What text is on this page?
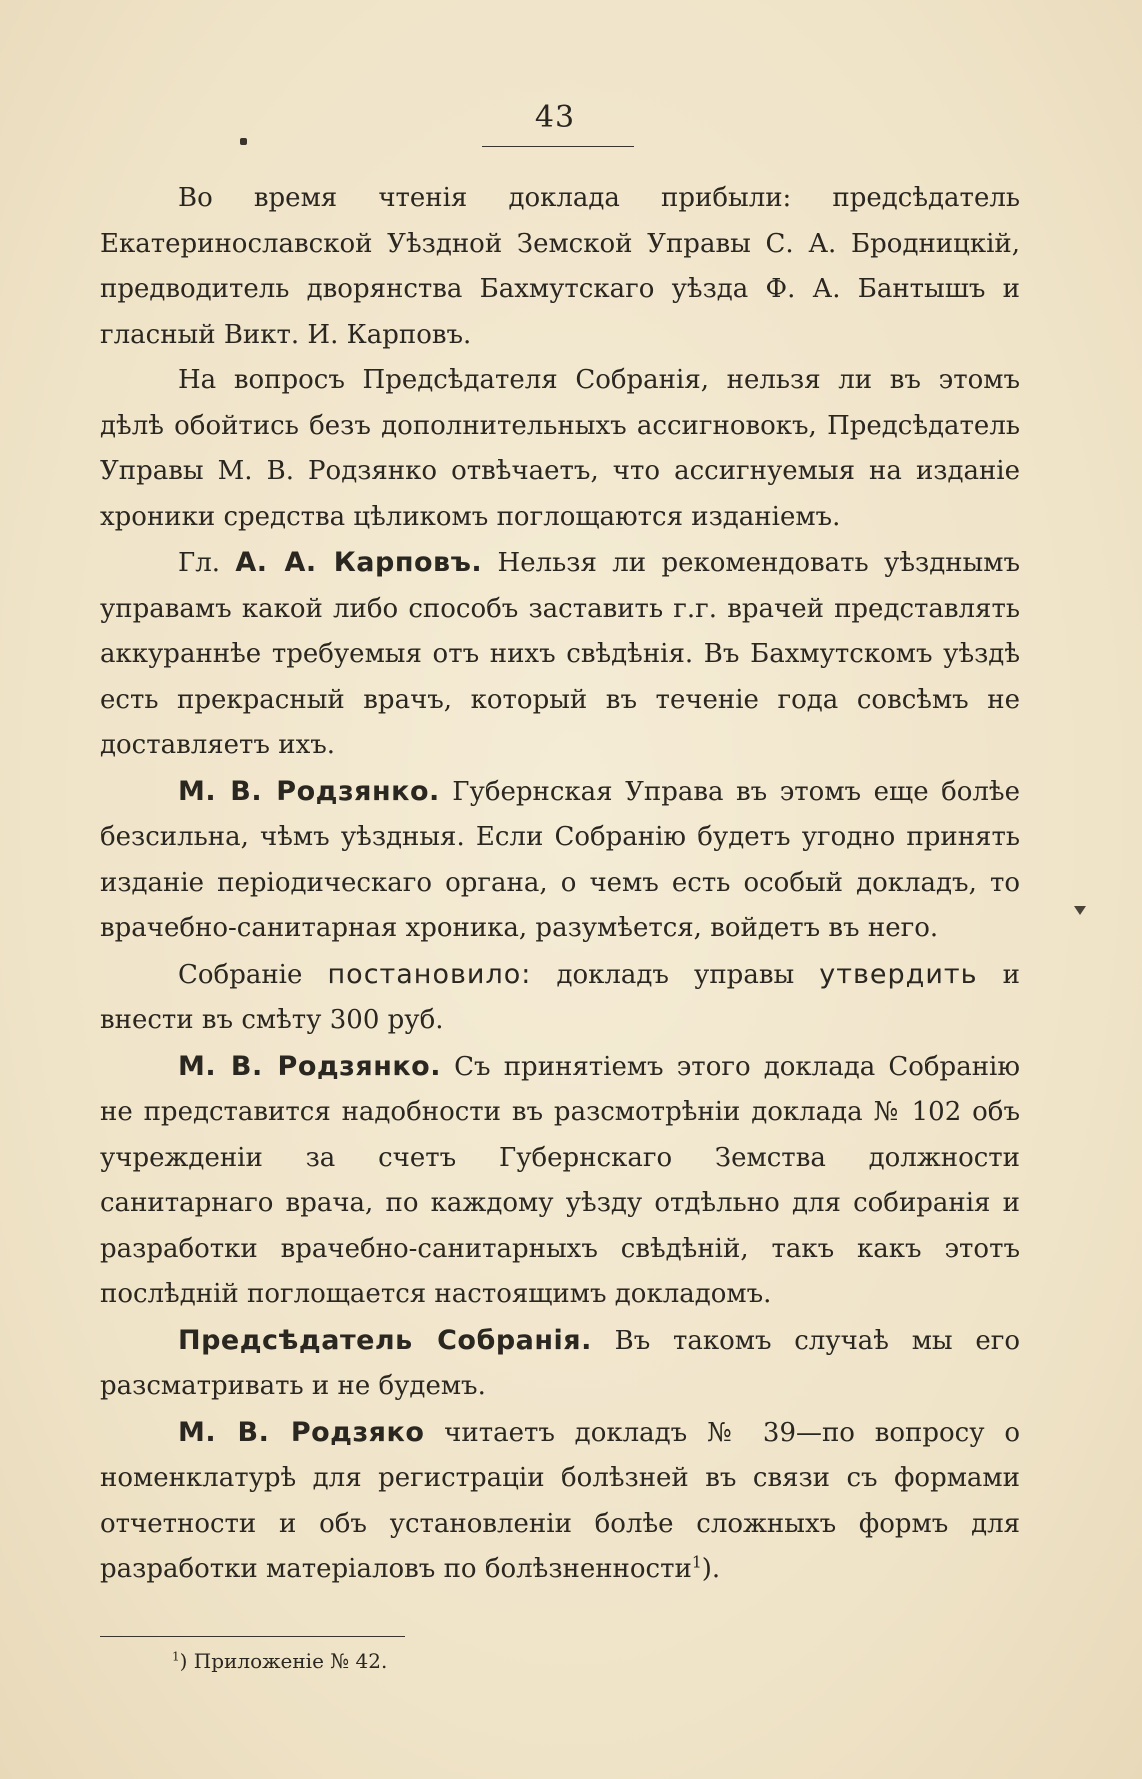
43

Во время чтенія доклада прибыли: предсѣдатель Екатеринославской Уѣздной Земской Управы С. А. Бродницкій, предводитель дворянства Бахмутскаго уѣзда Ф. А. Бантышъ и гласный Викт. И. Карповъ.

На вопросъ Предсѣдателя Собранія, нельзя ли въ этомъ дѣлѣ обойтись безъ дополнительныхъ ассигновокъ, Предсѣдатель Управы М. В. Родзянко отвѣчаетъ, что ассигнуемыя на изданіе хроники средства цѣликомъ поглощаются изданіемъ.

Гл. А. А. Карповъ. Нельзя ли рекомендовать уѣзднымъ управамъ какой либо способъ заставить г.г. врачей представлять аккураннѣе требуемыя отъ нихъ свѣдѣнія. Въ Бахмутскомъ уѣздѣ есть прекрасный врачъ, который въ теченіе года совсѣмъ не доставляетъ ихъ.

М. В. Родзянко. Губернская Управа въ этомъ еще болѣе безсильна, чѣмъ уѣздныя. Если Собранію будетъ угодно принять изданіе періодическаго органа, о чемъ есть особый докладъ, то врачебно-санитарная хроника, разумѣется, войдетъ въ него.

Собраніе постановило: докладъ управы утвердить и внести въ смѣту 300 руб.

М. В. Родзянко. Съ принятіемъ этого доклада Собранію не представится надобности въ разсмотрѣніи доклада № 102 объ учрежденіи за счетъ Губернскаго Земства должности санитарнаго врача, по каждому уѣзду отдѣльно для собиранія и разработки врачебно-санитарныхъ свѣдѣній, такъ какъ этотъ послѣдній поглощается настоящимъ докладомъ.

Предсѣдатель Собранія. Въ такомъ случаѣ мы его разсматривать и не будемъ.

М. В. Родзяко читаетъ докладъ № 39—по вопросу о номенклатурѣ для регистраціи болѣзней въ связи съ формами отчетности и объ установленіи болѣе сложныхъ формъ для разработки матеріаловъ по болѣзненности$^1$).

$^1$) Приложеніе № 42.
